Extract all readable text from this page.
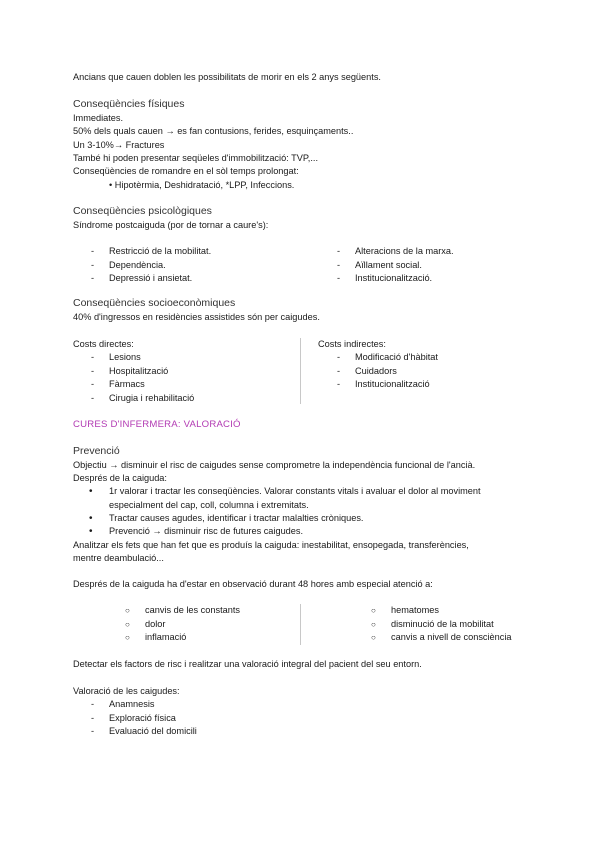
Ancians que cauen doblen les possibilitats de morir en els 2 anys següents.
Conseqüències físiques
Immediates.
50% dels quals cauen → es fan contusions, ferides, esquinçaments..
Un 3-10%→ Fractures
També hi poden presentar seqüeles d'immobilització: TVP,...
Conseqüències de romandre en el sòl temps prolongat:
• Hipotèrmia, Deshidratació, *LPP, Infeccions.
Conseqüències psicològiques
Síndrome postcaiguda (por de tornar a caure's):
- Restricció de la mobilitat.
- Dependència.
- Depressió i ansietat.
- Alteracions de la marxa.
- Aïllament social.
- Institucionalització.
Conseqüències socioeconòmiques
40% d'ingressos en residències assistides són per caigudes.
Costs directes:
- Lesions
- Hospitalització
- Fàrmacs
- Cirugia i rehabilitació
Costs indirectes:
- Modificació d'hàbitat
- Cuidadors
- Institucionalització
CURES D'INFERMERA: VALORACIÓ
Prevenció
Objectiu → disminuir el risc de caigudes sense comprometre la independència funcional de l'ancià.
Després de la caiguda:
• 1r valorar i tractar les conseqüències. Valorar constants vitals i avaluar el dolor al moviment
especialment del cap, coll, columna i extremitats.
• Tractar causes agudes, identificar i tractar malalties cròniques.
• Prevenció → disminuir risc de futures caigudes.
Analitzar els fets que han fet que es produís la caiguda: inestabilitat, ensopegada, transferències,
mentre deambulació...
Després de la caiguda ha d'estar en observació durant 48 hores amb especial atenció a:
○ canvis de les constants
○ dolor
○ inflamació
○ hematomes
○ disminució de la mobilitat
○ canvis a nivell de consciència
Detectar els factors de risc i realitzar una valoració integral del pacient del seu entorn.
Valoració de les caigudes:
- Anamnesis
- Exploració física
- Evaluació del domicili
